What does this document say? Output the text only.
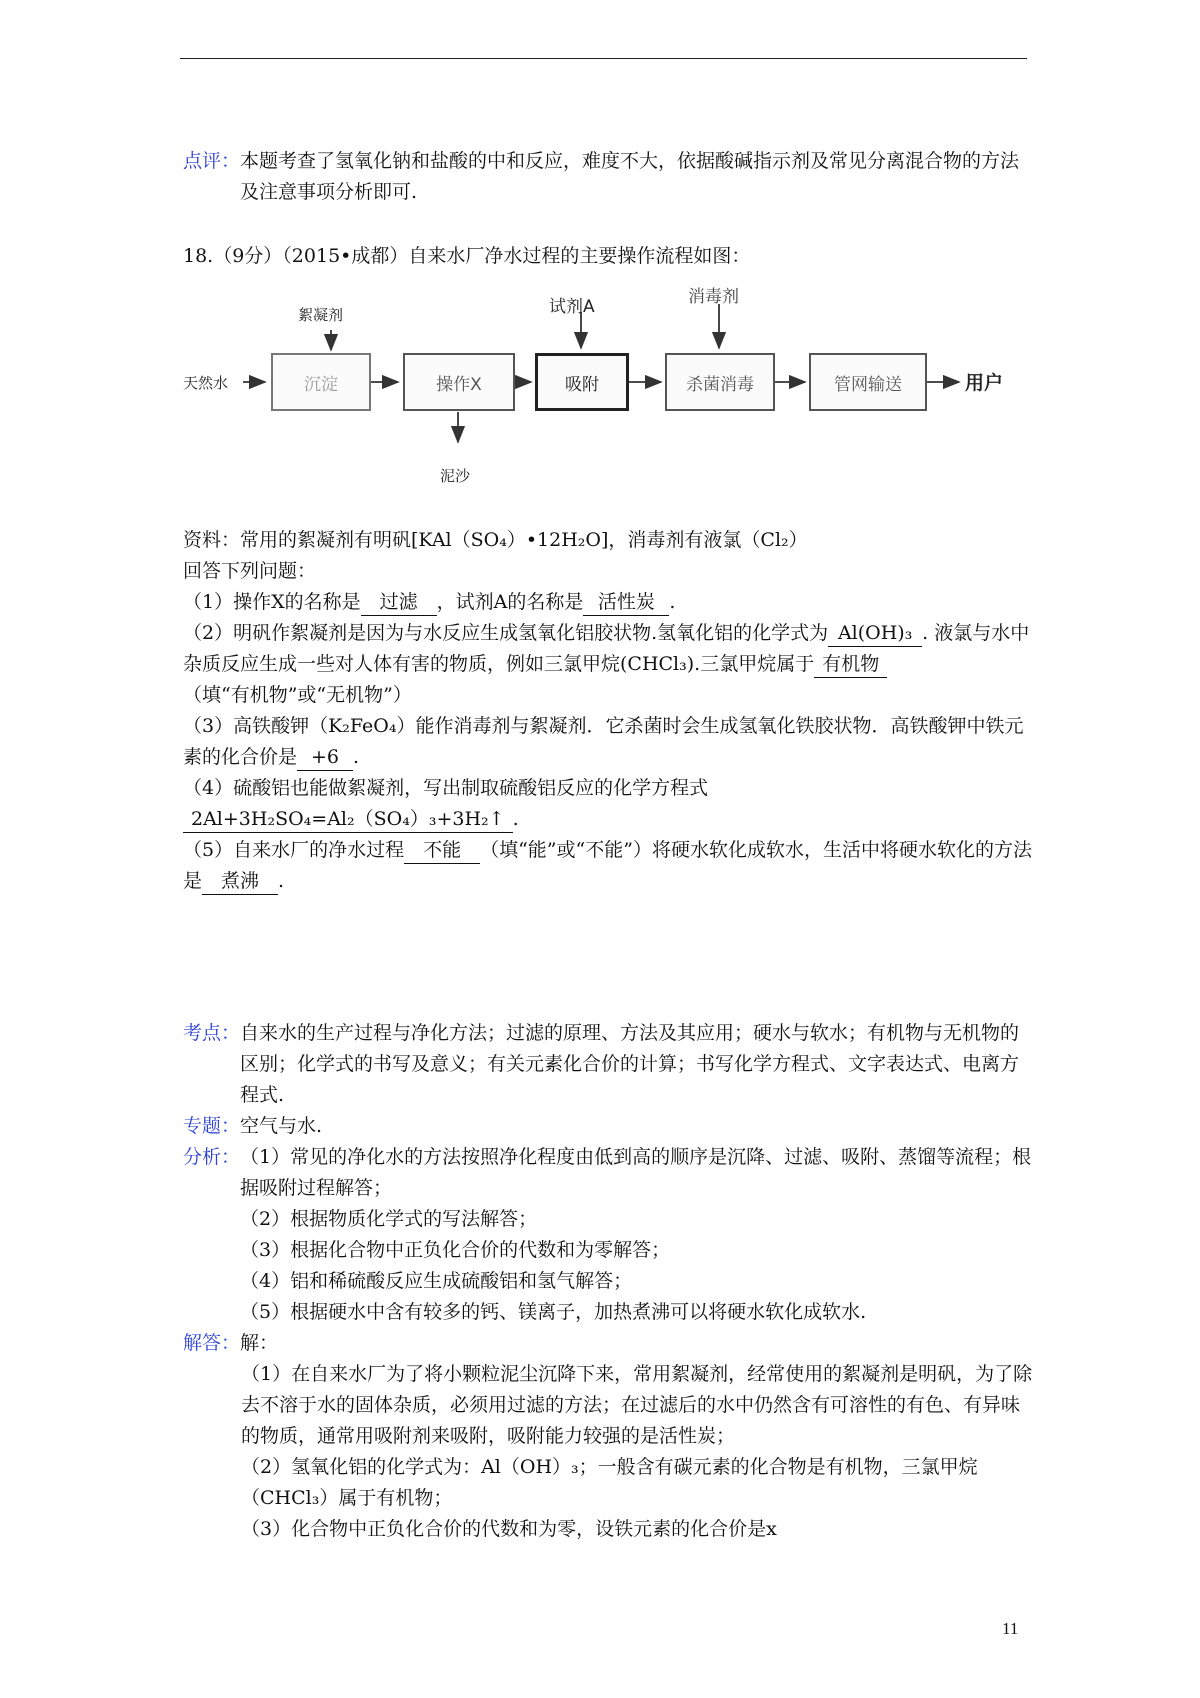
点评： 本题考查了氢氧化钠和盐酸的中和反应，难度不大，依据酸碱指示剂及常见分离混合物的方法及注意事项分析即可.
18.（9分）（2015•成都）自来水厂净水过程的主要操作流程如图：
天然水
絮凝剂	试剂A	消毒剂
泥沙
用户
沉淀	操作X	吸附	杀菌消毒	管网输送
资料：常用的絮凝剂有明矾[KAl（SO₄）•12H₂O]，消毒剂有液氯（Cl₂）
回答下列问题：
（1）操作X的名称是 过滤 ，试剂A的名称是 活性炭 .
（2）明矾作絮凝剂是因为与水反应生成氢氧化铝胶状物.氢氧化铝的化学式为 Al(OH)₃ . 液氯与水中杂质反应生成一些对人体有害的物质，例如三氯甲烷(CHCl₃).三氯甲烷属于 有机物
（填“有机物”或“无机物”）
（3）高铁酸钾（K₂FeO₄）能作消毒剂与絮凝剂．它杀菌时会生成氢氧化铁胶状物．高铁酸钾中铁元素的化合价是 +6 .
（4）硫酸铝也能做絮凝剂，写出制取硫酸铝反应的化学方程式2Al+3H₂SO₄=Al₂（SO₄）₃+3H₂↑ .
（5）自来水厂的净水过程 不能 （填“能”或“不能”）将硬水软化成软水，生活中将硬水软化的方法
是 煮沸 .
考点： 自来水的生产过程与净化方法；过滤的原理、方法及其应用；硬水与软水；有机物与无机物的区别；化学式的书写及意义；有关元素化合价的计算；书写化学方程式、文字表达式、电离方程式.
专题： 空气与水.
分析： （1）常见的净化水的方法按照净化程度由低到高的顺序是沉降、过滤、吸附、蒸馏等流程；根据吸附过程解答；
（2）根据物质化学式的写法解答；
（3）根据化合物中正负化合价的代数和为零解答；
（4）铝和稀硫酸反应生成硫酸铝和氢气解答；
（5）根据硬水中含有较多的钙、镁离子，加热煮沸可以将硬水软化成软水.
解答： 解：
（1）在自来水厂为了将小颗粒泥尘沉降下来，常用絮凝剂，经常使用的絮凝剂是明矾，为了除去不溶于水的固体杂质，必须用过滤的方法；在过滤后的水中仍然含有可溶性的有色、有异味的物质，通常用吸附剂来吸附，吸附能力较强的是活性炭；
（2）氢氧化铝的化学式为：Al（OH）₃；一般含有碳元素的化合物是有机物，三氯甲烷（CHCl₃）属于有机物；
（3）化合物中正负化合价的代数和为零，设铁元素的化合价是x
11
